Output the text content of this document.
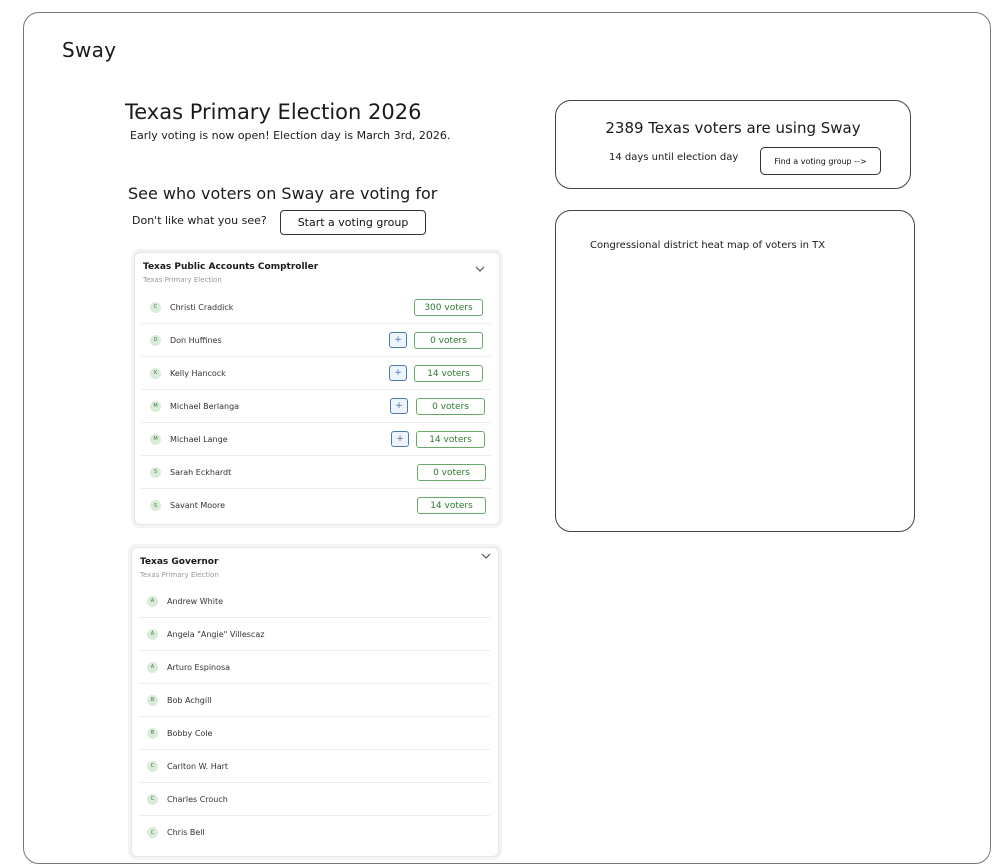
Sway
Texas Primary Election 2026
Early voting is now open! Election day is March 3rd, 2026.
See who voters on Sway are voting for
Don't like what you see?	Start a voting group
Texas Public Accounts Comptroller
Texas Primary Election
C	Christi Craddick	300 voters
D	Don Huffines	+	0 voters
K	Kelly Hancock	+	14 voters
M	Michael Berlanga	+	0 voters
M	Michael Lange	+	14 voters
S	Sarah Eckhardt	0 voters
S	Savant Moore	14 voters
Texas Governor
Texas Primary Election
A	Andrew White
A	Angela "Angie" Villescaz
A	Arturo Espinosa
B	Bob Achgill
B	Bobby Cole
C	Carlton W. Hart
C	Charles Crouch
C	Chris Bell
2389 Texas voters are using Sway
14 days until election day	Find a voting group -->
Congressional district heat map of voters in TX
